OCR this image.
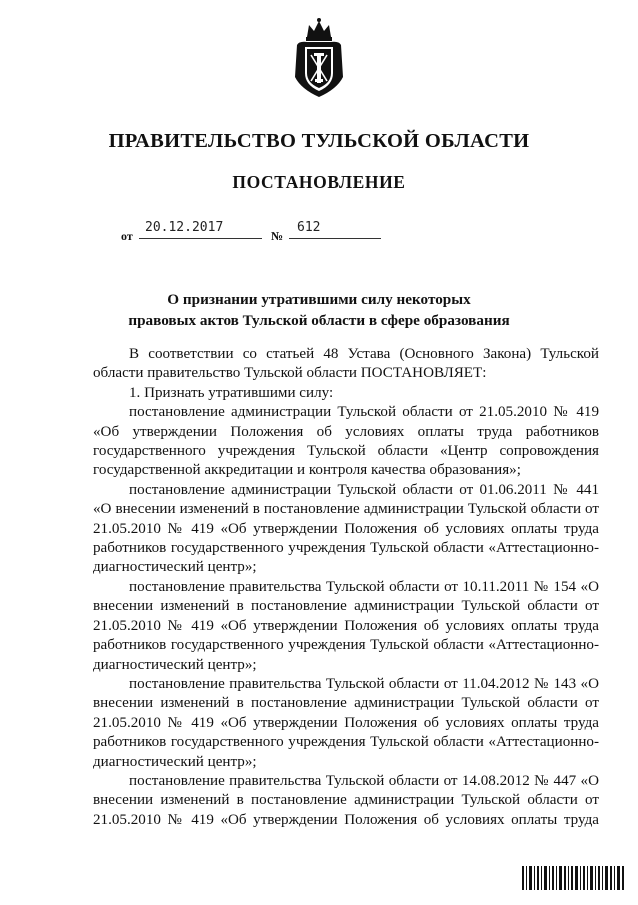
ПРАВИТЕЛЬСТВО ТУЛЬСКОЙ ОБЛАСТИ
ПОСТАНОВЛЕНИЕ
от
20.12.2017
№
612
О признании утратившими силу некоторых
правовых актов Тульской области в сфере образования

В соответствии со статьей 48 Устава (Основного Закона) Тульской области правительство Тульской области ПОСТАНОВЛЯЕТ:

1. Признать утратившими силу:

постановление администрации Тульской области от 21.05.2010 № 419 «Об утверждении Положения об условиях оплаты труда работников государственного учреждения Тульской области «Центр сопровождения государственной аккредитации и контроля качества образования»;

постановление администрации Тульской области от 01.06.2011 № 441 «О внесении изменений в постановление администрации Тульской области от 21.05.2010 № 419 «Об утверждении Положения об условиях оплаты труда работников государственного учреждения Тульской области «Аттестационно-диагностический центр»;

постановление правительства Тульской области от 10.11.2011 № 154 «О внесении изменений в постановление администрации Тульской области от 21.05.2010 № 419 «Об утверждении Положения об условиях оплаты труда работников государственного учреждения Тульской области «Аттестационно-диагностический центр»;

постановление правительства Тульской области от 11.04.2012 № 143 «О внесении изменений в постановление администрации Тульской области от 21.05.2010 № 419 «Об утверждении Положения об условиях оплаты труда работников государственного учреждения Тульской области «Аттестационно-диагностический центр»;

постановление правительства Тульской области от 14.08.2012 № 447 «О внесении изменений в постановление администрации Тульской области от 21.05.2010 № 419 «Об утверждении Положения об условиях оплаты труда
